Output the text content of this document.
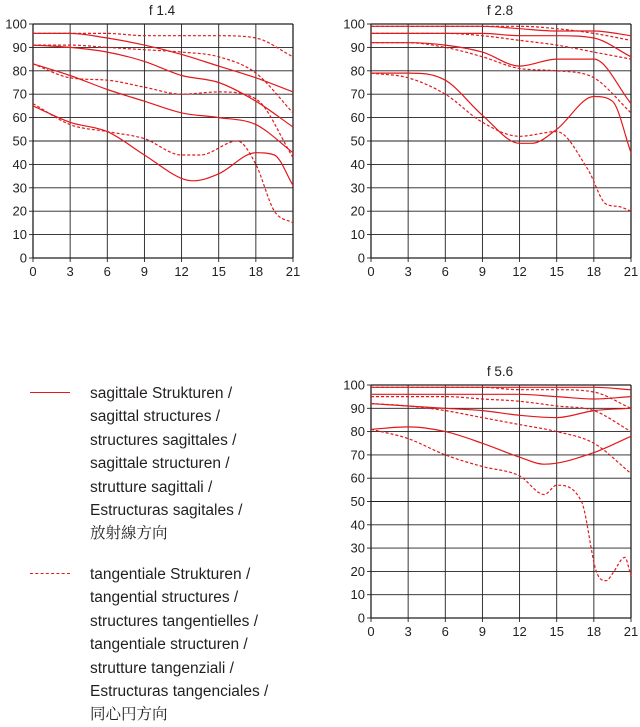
f 1.4
0
10
20
30
40
50
60
70
80
90
100
0 3 6 9 12 15 18 21
f 2.8
0
10
20
30
40
50
60
70
80
90
100
0 3 6 9 12 15 18 21
f 5.6
0
10
20
30
40
50
60
70
80
90
100
0 3 6 9 12 15 18 21
sagittale Strukturen /
sagittal structures /
structures sagittales /
sagittale structuren /
strutture sagittali /
Estructuras sagitales /
放射線方向
tangentiale Strukturen /
tangential structures /
structures tangentielles /
tangentiale structuren /
strutture tangenziali /
Estructuras tangenciales /
同心円方向
